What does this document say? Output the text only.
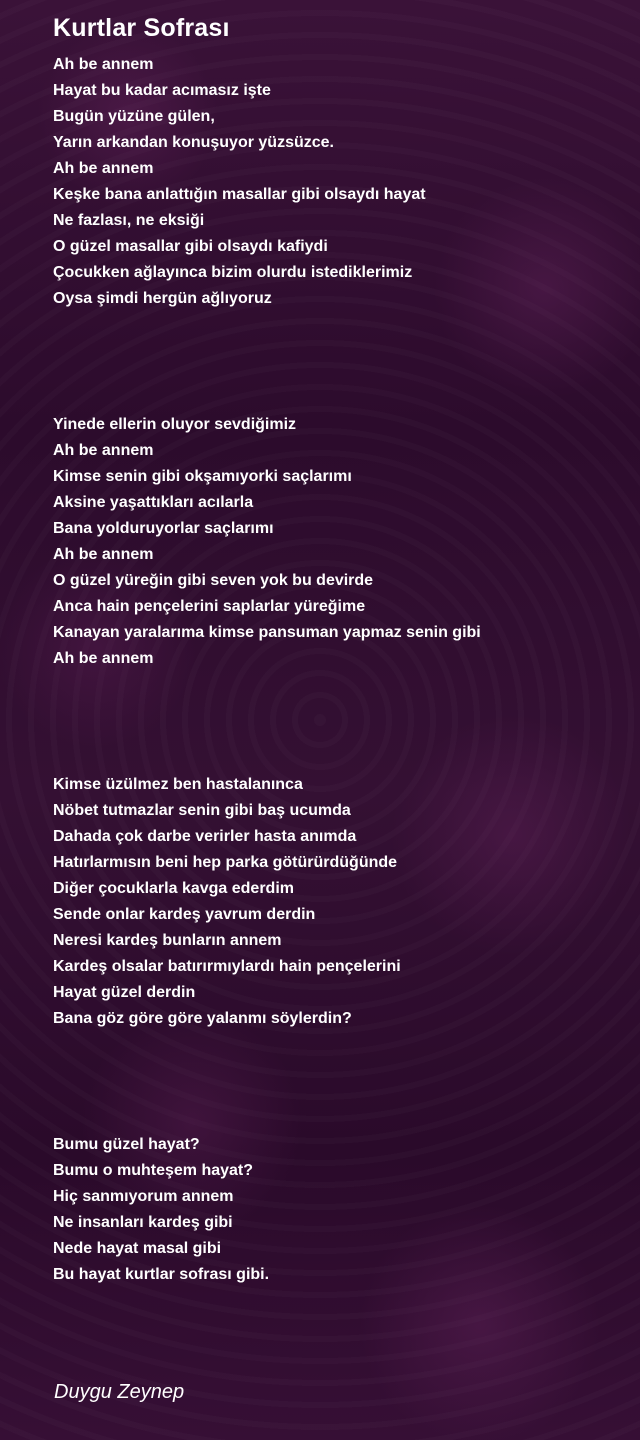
Kurtlar Sofrası
Ah be annem
Hayat bu kadar acımasız işte
Bugün yüzüne gülen,
Yarın arkandan konuşuyor yüzsüzce.
Ah be annem
Keşke bana anlattığın masallar gibi olsaydı hayat
Ne fazlası, ne eksiği
O güzel masallar gibi olsaydı kafiydi
Çocukken ağlayınca bizim olurdu istediklerimiz
Oysa şimdi hergün ağlıyoruz
Yinede ellerin oluyor sevdiğimiz
Ah be annem
Kimse senin gibi okşamıyorki saçlarımı
Aksine yaşattıkları acılarla
Bana yolduruyorlar saçlarımı
Ah be annem
O güzel yüreğin gibi seven yok bu devirde
Anca hain pençelerini saplarlar yüreğime
Kanayan yaralarıma kimse pansuman yapmaz senin gibi
Ah be annem
Kimse üzülmez ben hastalanınca
Nöbet tutmazlar senin gibi baş ucumda
Dahada çok darbe verirler hasta anımda
Hatırlarmısın beni hep parka götürürdüğünde
Diğer çocuklarla kavga ederdim
Sende onlar kardeş yavrum derdin
Neresi kardeş bunların annem
Kardeş olsalar batırırmıylardı hain pençelerini
Hayat güzel derdin
Bana göz göre göre yalanmı söylerdin?
Bumu güzel hayat?
Bumu o muhteşem hayat?
Hiç sanmıyorum annem
Ne insanları kardeş gibi
Nede hayat masal gibi
Bu hayat kurtlar sofrası gibi.

Duygu Zeynep
